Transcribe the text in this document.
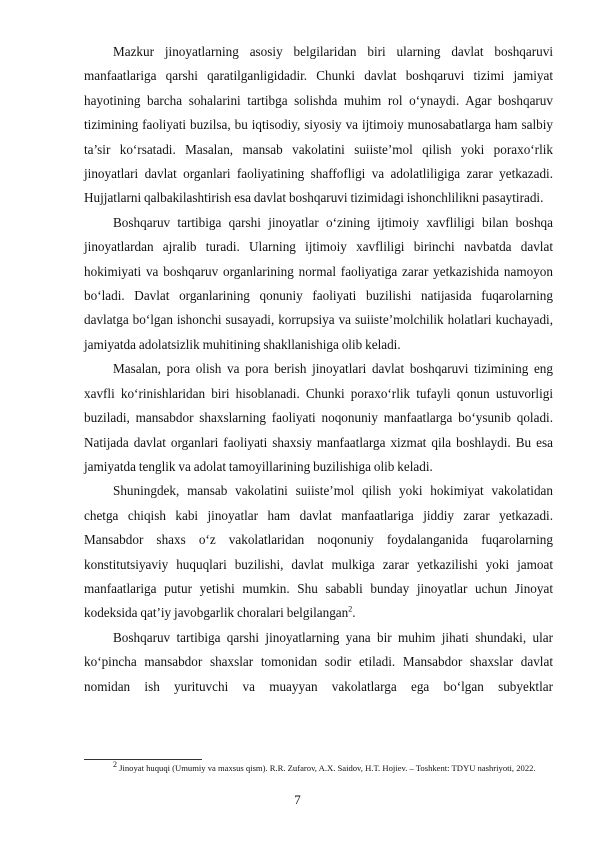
Mazkur jinoyatlarning asosiy belgilaridan biri ularning davlat boshqaruvi manfaatlariga qarshi qaratilganligidadir. Chunki davlat boshqaruvi tizimi jamiyat hayotining barcha sohalarini tartibga solishda muhim rol o‘ynaydi. Agar boshqaruv tizimining faoliyati buzilsa, bu iqtisodiy, siyosiy va ijtimoiy munosabatlarga ham salbiy ta’sir ko‘rsatadi. Masalan, mansab vakolatini suiiste’mol qilish yoki poraxo‘rlik jinoyatlari davlat organlari faoliyatining shaffofligi va adolatliligiga zarar yetkazadi. Hujjatlarni qalbakilashtirish esa davlat boshqaruvi tizimidagi ishonchlilikni pasaytiradi.

Boshqaruv tartibiga qarshi jinoyatlar o‘zining ijtimoiy xavfliligi bilan boshqa jinoyatlardan ajralib turadi. Ularning ijtimoiy xavfliligi birinchi navbatda davlat hokimiyati va boshqaruv organlarining normal faoliyatiga zarar yetkazishida namoyon bo‘ladi. Davlat organlarining qonuniy faoliyati buzilishi natijasida fuqarolarning davlatga bo‘lgan ishonchi susayadi, korrupsiya va suiiste’molchilik holatlari kuchayadi, jamiyatda adolatsizlik muhitining shakllanishiga olib keladi.

Masalan, pora olish va pora berish jinoyatlari davlat boshqaruvi tizimining eng xavfli ko‘rinishlaridan biri hisoblanadi. Chunki poraxo‘rlik tufayli qonun ustuvorligi buziladi, mansabdor shaxslarning faoliyati noqonuniy manfaatlarga bo‘ysunib qoladi. Natijada davlat organlari faoliyati shaxsiy manfaatlarga xizmat qila boshlaydi. Bu esa jamiyatda tenglik va adolat tamoyillarining buzilishiga olib keladi.

Shuningdek, mansab vakolatini suiiste’mol qilish yoki hokimiyat vakolatidan chetga chiqish kabi jinoyatlar ham davlat manfaatlariga jiddiy zarar yetkazadi. Mansabdor shaxs o‘z vakolatlaridan noqonuniy foydalanganida fuqarolarning konstitutsiyaviy huquqlari buzilishi, davlat mulkiga zarar yetkazilishi yoki jamoat manfaatlariga putur yetishi mumkin. Shu sababli bunday jinoyatlar uchun Jinoyat kodeksida qat’iy javobgarlik choralari belgilangan$^2$.

Boshqaruv tartibiga qarshi jinoyatlarning yana bir muhim jihati shundaki, ular ko‘pincha mansabdor shaxslar tomonidan sodir etiladi. Mansabdor shaxslar davlat nomidan ish yurituvchi va muayyan vakolatlarga ega bo‘lgan subyektlar

$^2$ Jinoyat huquqi (Umumiy va maxsus qism). R.R. Zufarov, A.X. Saidov, H.T. Hojiev. – Toshkent: TDYU nashriyoti, 2022.

7
